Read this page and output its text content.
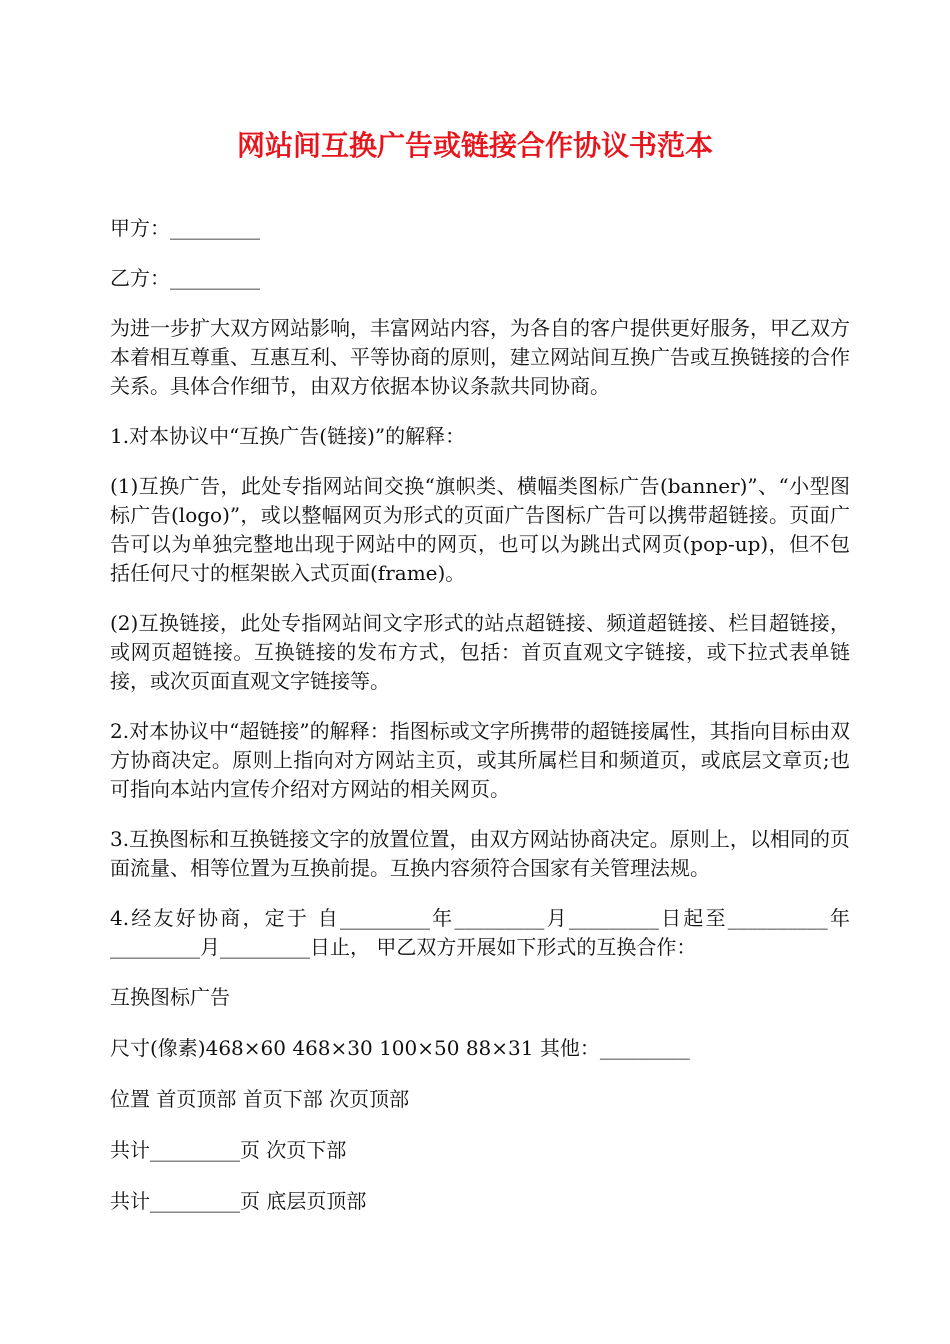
网站间互换广告或链接合作协议书范本

甲方：_________

乙方：_________

为进一步扩大双方网站影响，丰富网站内容，为各自的客户提供更好服务，甲乙双方本着相互尊重、互惠互利、平等协商的原则，建立网站间互换广告或互换链接的合作关系。具体合作细节，由双方依据本协议条款共同协商。

1.对本协议中“互换广告(链接)”的解释：

(1)互换广告，此处专指网站间交换“旗帜类、横幅类图标广告(banner)”、“小型图标广告(logo)”，或以整幅网页为形式的页面广告图标广告可以携带超链接。页面广告可以为单独完整地出现于网站中的网页，也可以为跳出式网页(pop-up)，但不包括任何尺寸的框架嵌入式页面(frame)。

(2)互换链接，此处专指网站间文字形式的站点超链接、频道超链接、栏目超链接，或网页超链接。互换链接的发布方式，包括：首页直观文字链接，或下拉式表单链接，或次页面直观文字链接等。

2.对本协议中“超链接”的解释：指图标或文字所携带的超链接属性，其指向目标由双方协商决定。原则上指向对方网站主页，或其所属栏目和频道页，或底层文章页;也可指向本站内宣传介绍对方网站的相关网页。

3.互换图标和互换链接文字的放置位置，由双方网站协商决定。原则上，以相同的页面流量、相等位置为互换前提。互换内容须符合国家有关管理法规。

4.经友好协商，定于 自_________年_________月_________日起至__________年_________月_________日止， 甲乙双方开展如下形式的互换合作：

互换图标广告

尺寸(像素)468×60 468×30 100×50 88×31 其他：_________

位置 首页顶部 首页下部 次页顶部

共计_________页 次页下部

共计_________页 底层页顶部
